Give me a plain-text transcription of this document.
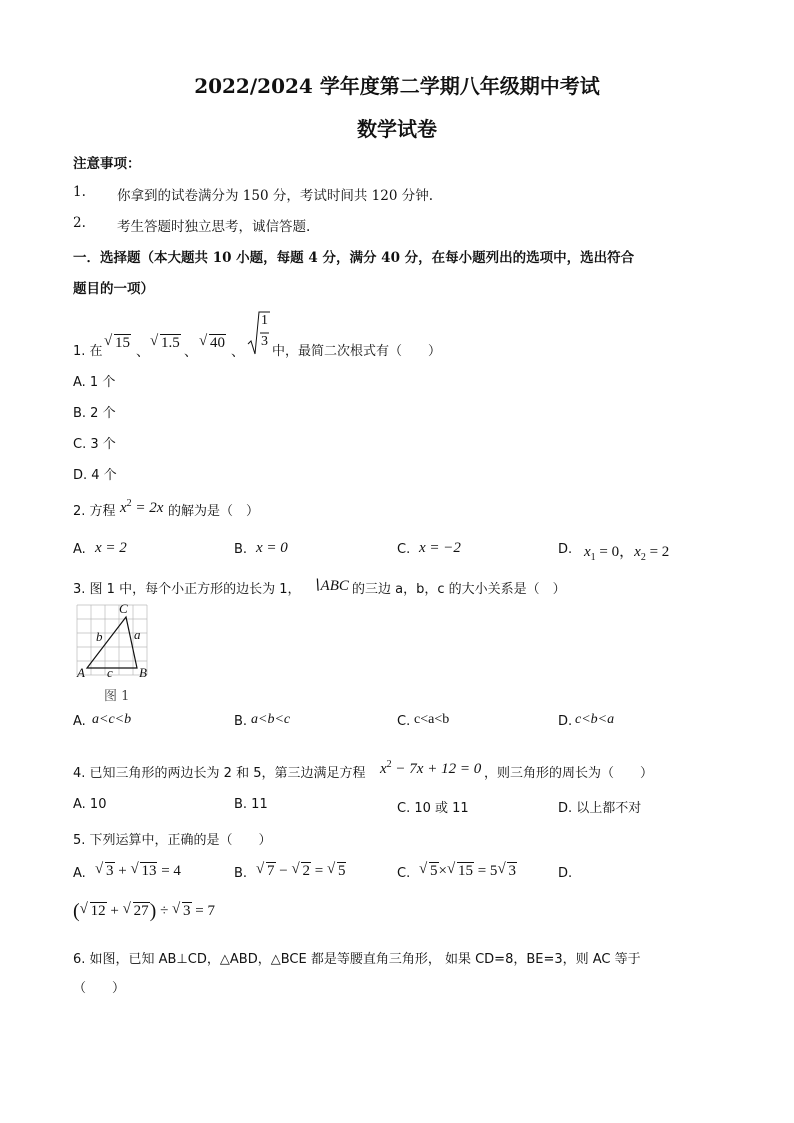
2022/2024 学年度第二学期八年级期中考试
数学试卷
注意事项：
1. 你拿到的试卷满分为 150 分，考试时间共 120 分钟.
2. 考生答题时独立思考，诚信答题.
一．选择题（本大题共 10 小题，每题 4 分，满分 40 分，在每小题列出的选项中，选出符合
题目的一项）
1. 在
√ 15
、
√ 1.5
、
√ 40
、
1
3
中，最简二次根式有（　　）
A. 1 个
B. 2 个
C. 3 个
D. 4 个
2. 方程 $x^2 = 2x$ 的解为是（　）
A. x = 2	B. x = 0	C. x = −2	D. $x_1 = 0$，$x_2 = 2$
3. 图 1 中，每个小正方形的边长为 1， ∖ABC 的三边 a，b，c 的大小关系是（　）
C
A	B
a
b
c
图 1
A. a<c<b	B. a<b<c	C. c<a<b	D. c<b<a
4. 已知三角形的两边长为 2 和 5，第三边满足方程 $x^2 - 7x + 12 = 0$ ，则三角形的周长为（　　）
A. 10	B. 11	C. 10 或 11	D. 以上都不对
5. 下列运算中，正确的是（　　）
A.	√ 3 + √ 13 = 4	B.	√ 7 − √ 2 = √ 5	C.	√ 5× √ 15 = 5 √ 3	D.
( √ 12 + √ 27) ÷ √ 3 = 7
6. 如图，已知 AB⊥CD，△ABD，△BCE 都是等腰直角三角形， 如果 CD=8，BE=3，则 AC 等于
（　　）
